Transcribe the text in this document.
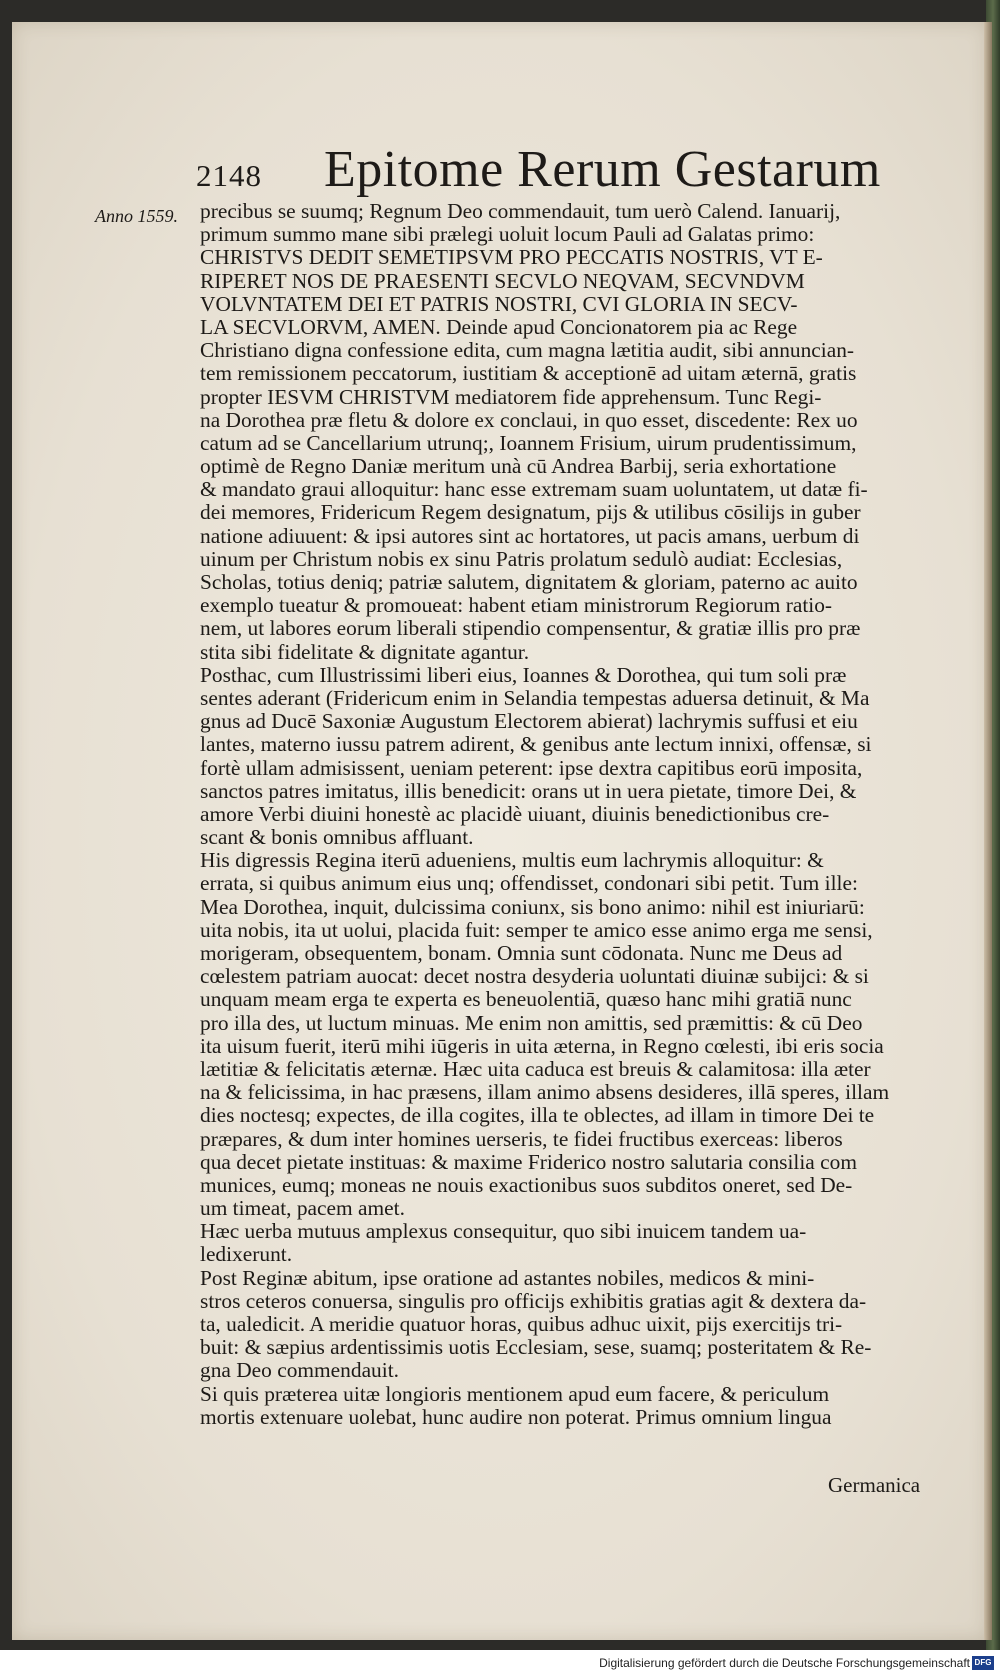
2148 Epitome Rerum Gestarum
Anno 1559. precibus se suumq; Regnum Deo commendauit, tum uerò Calend. Ianuarij,
primum summo mane sibi prælegi uoluit locum Pauli ad Galatas primo:
CHRISTVS DEDIT SEMETIPSVM PRO PECCATIS NOSTRIS, VT E-
RIPERET NOS DE PRAESENTI SECVLO NEQVAM, SECVNDVM
VOLVNTATEM DEI ET PATRIS NOSTRI, CVI GLORIA IN SECV-
LA SECVLORVM, AMEN. Deinde apud Concionatorem pia ac Rege
Christiano digna confessione edita, cum magna lætitia audit, sibi annuncian-
tem remissionem peccatorum, iustitiam & acceptionē ad uitam æternā, gratis
propter IESVM CHRISTVM mediatorem fide apprehensum. Tunc Regi-
na Dorothea præ fletu & dolore ex conclaui, in quo esset, discedente: Rex uo
catum ad se Cancellarium utrunq;, Ioannem Frisium, uirum prudentissimum,
optimè de Regno Daniæ meritum unà cū Andrea Barbij, seria exhortatione
& mandato graui alloquitur: hanc esse extremam suam uoluntatem, ut datæ fi-
dei memores, Fridericum Regem designatum, pijs & utilibus cōsilijs in guber
natione adiuuent: & ipsi autores sint ac hortatores, ut pacis amans, uerbum di
uinum per Christum nobis ex sinu Patris prolatum sedulò audiat: Ecclesias,
Scholas, totius deniq; patriæ salutem, dignitatem & gloriam, paterno ac auito
exemplo tueatur & promoueat: habent etiam ministrorum Regiorum ratio-
nem, ut labores eorum liberali stipendio compensentur, & gratiæ illis pro præ
stita sibi fidelitate & dignitate agantur.
Posthac, cum Illustrissimi liberi eius, Ioannes & Dorothea, qui tum soli præ
sentes aderant (Fridericum enim in Selandia tempestas aduersa detinuit, & Ma
gnus ad Ducē Saxoniæ Augustum Electorem abierat) lachrymis suffusi et eiu
lantes, materno iussu patrem adirent, & genibus ante lectum innixi, offensæ, si
fortè ullam admisissent, ueniam peterent: ipse dextra capitibus eorū imposita,
sanctos patres imitatus, illis benedicit: orans ut in uera pietate, timore Dei, &
amore Verbi diuini honestè ac placidè uiuant, diuinis benedictionibus cre-
scant & bonis omnibus affluant.
His digressis Regina iterū adueniens, multis eum lachrymis alloquitur: &
errata, si quibus animum eius unq; offendisset, condonari sibi petit. Tum ille:
Mea Dorothea, inquit, dulcissima coniunx, sis bono animo: nihil est iniuriarū:
uita nobis, ita ut uolui, placida fuit: semper te amico esse animo erga me sensi,
morigeram, obsequentem, bonam. Omnia sunt cōdonata. Nunc me Deus ad
cœlestem patriam auocat: decet nostra desyderia uoluntati diuinæ subijci: & si
unquam meam erga te experta es beneuolentiā, quæso hanc mihi gratiā nunc
pro illa des, ut luctum minuas. Me enim non amittis, sed præmittis: & cū Deo
ita uisum fuerit, iterū mihi iūgeris in uita æterna, in Regno cœlesti, ibi eris socia
lætitiæ & felicitatis æternæ. Hæc uita caduca est breuis & calamitosa: illa æter
na & felicissima, in hac præsens, illam animo absens desideres, illā speres, illam
dies noctesq; expectes, de illa cogites, illa te oblectes, ad illam in timore Dei te
præpares, & dum inter homines uerseris, te fidei fructibus exerceas: liberos
qua decet pietate instituas: & maxime Friderico nostro salutaria consilia com
munices, eumq; moneas ne nouis exactionibus suos subditos oneret, sed De-
um timeat, pacem amet.
Hæc uerba mutuus amplexus consequitur, quo sibi inuicem tandem ua-
ledixerunt.
Post Reginæ abitum, ipse oratione ad astantes nobiles, medicos & mini-
stros ceteros conuersa, singulis pro officijs exhibitis gratias agit & dextera da-
ta, ualedicit. A meridie quatuor horas, quibus adhuc uixit, pijs exercitijs tri-
buit: & sæpius ardentissimis uotis Ecclesiam, sese, suamq; posteritatem & Re-
gna Deo commendauit.
Si quis præterea uitæ longioris mentionem apud eum facere, & periculum
mortis extenuare uolebat, hunc audire non poterat. Primus omnium lingua
Germanica
Digitalisierung gefördert durch die Deutsche Forschungsgemeinschaft DFG
